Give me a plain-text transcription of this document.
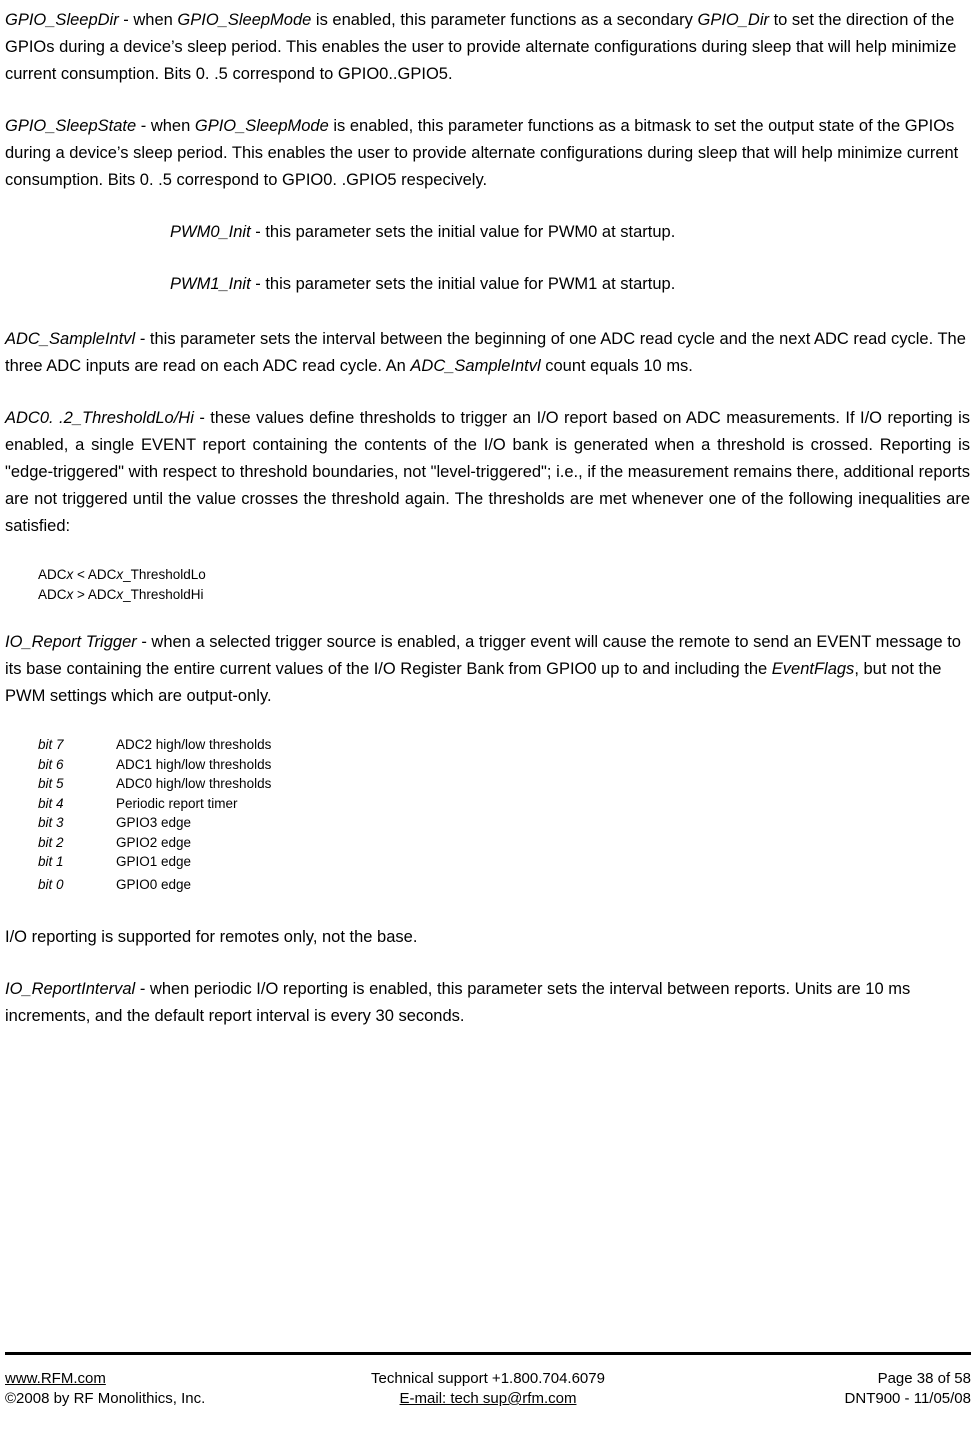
GPIO_SleepDir - when GPIO_SleepMode is enabled, this parameter functions as a secondary GPIO_Dir to set the direction of the GPIOs during a device’s sleep period. This enables the user to provide alternate configurations during sleep that will help minimize current consumption. Bits 0. .5 correspond to GPIO0..GPIO5.

GPIO_SleepState - when GPIO_SleepMode is enabled, this parameter functions as a bitmask to set the output state of the GPIOs during a device’s sleep period. This enables the user to provide alternate configurations during sleep that will help minimize current consumption. Bits 0. .5 correspond to GPIO0. .GPIO5 respecively.

PWM0_Init - this parameter sets the initial value for PWM0 at startup.

PWM1_Init - this parameter sets the initial value for PWM1 at startup.

ADC_SampleIntvl - this parameter sets the interval between the beginning of one ADC read cycle and the next ADC read cycle. The three ADC inputs are read on each ADC read cycle. An ADC_SampleIntvl count equals 10 ms.

ADC0. .2_ThresholdLo/Hi - these values define thresholds to trigger an I/O report based on ADC measurements. If I/O reporting is enabled, a single EVENT report containing the contents of the I/O bank is generated when a threshold is crossed. Reporting is "edge-triggered" with respect to threshold boundaries, not "level-triggered"; i.e., if the measurement remains there, additional reports are not triggered until the value crosses the threshold again. The thresholds are met whenever one of the following inequalities are satisfied:

ADCx < ADCx_ThresholdLo
ADCx > ADCx_ThresholdHi

IO_Report Trigger - when a selected trigger source is enabled, a trigger event will cause the remote to send an EVENT message to its base containing the entire current values of the I/O Register Bank from GPIO0 up to and including the EventFlags, but not the PWM settings which are output-only.

bit 7	ADC2 high/low thresholds
bit 6	ADC1 high/low thresholds
bit 5	ADC0 high/low thresholds
bit 4	Periodic report timer
bit 3	GPIO3 edge
bit 2	GPIO2 edge
bit 1	GPIO1 edge
bit 0	GPIO0 edge

I/O reporting is supported for remotes only, not the base.

IO_ReportInterval - when periodic I/O reporting is enabled, this parameter sets the interval between reports. Units are 10 ms increments, and the default report interval is every 30 seconds.

www.RFM.com
©2008 by RF Monolithics, Inc.
Technical support +1.800.704.6079
E-mail: tech sup@rfm.com
Page 38 of 58
DNT900 - 11/05/08
